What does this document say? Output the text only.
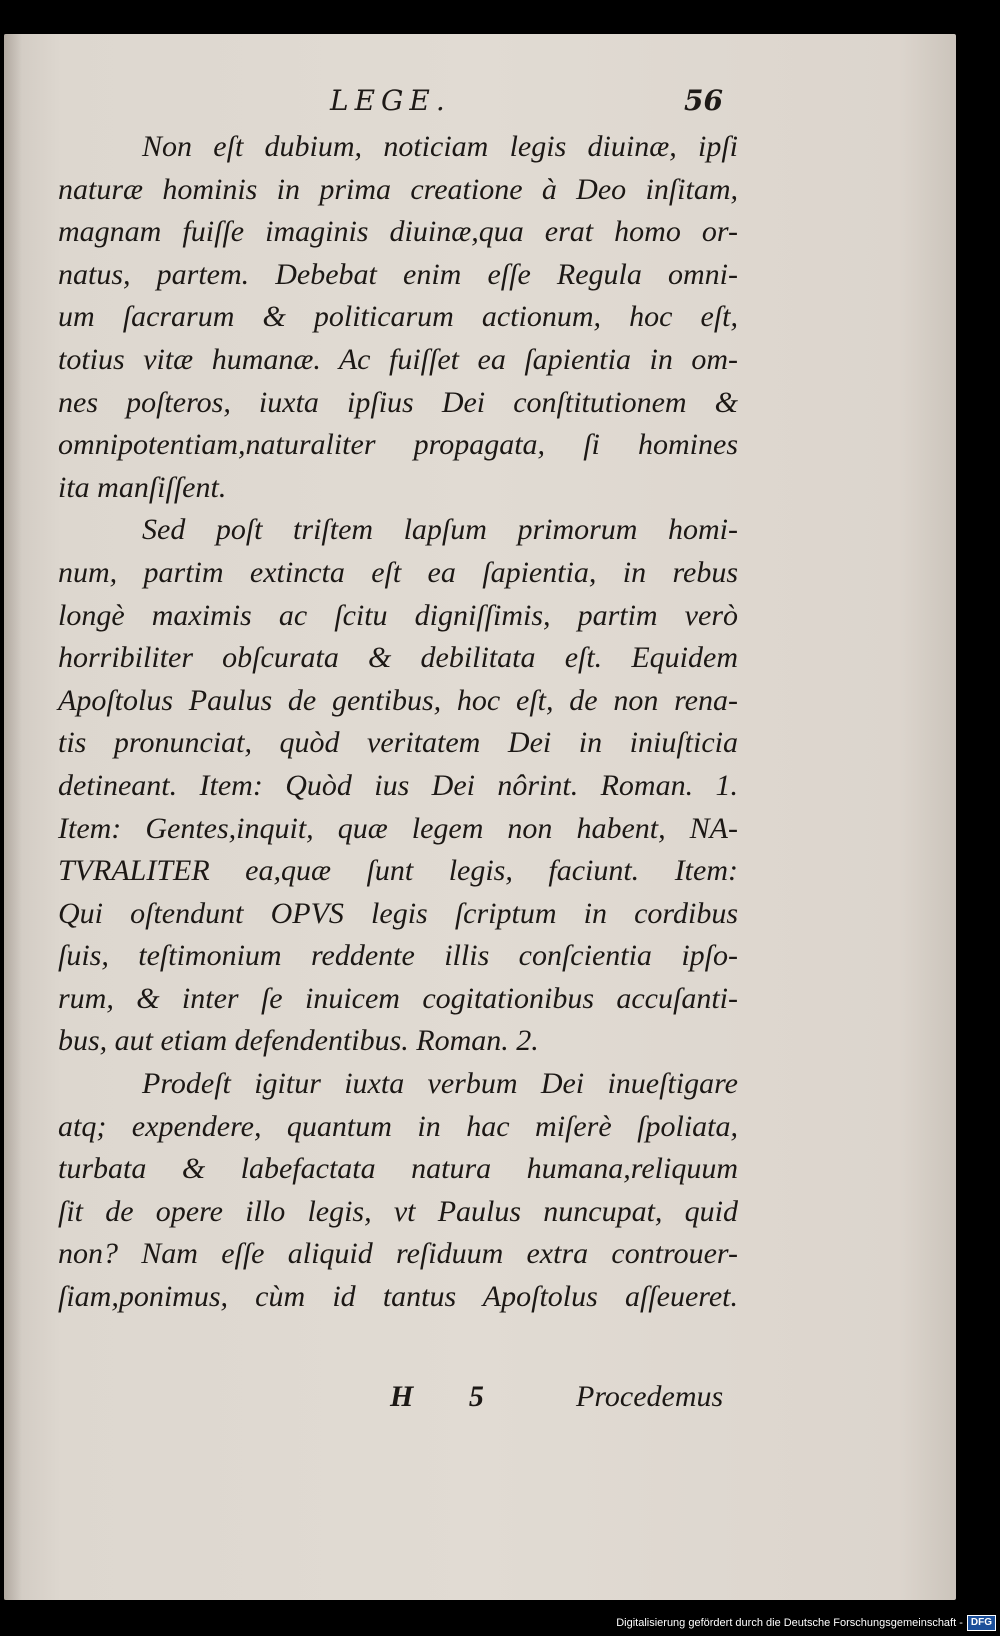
LEGE.	56
Non eſt dubium, noticiam legis diuinæ, ipſi
naturæ hominis in prima creatione à Deo inſitam,
magnam fuiſſe imaginis diuinæ,qua erat homo or-
natus, partem. Debebat enim eſſe Regula omni-
um ſacrarum & politicarum actionum, hoc eſt,
totius vitæ humanæ. Ac fuiſſet ea ſapientia in om-
nes poſteros, iuxta ipſius Dei conſtitutionem &
omnipotentiam,naturaliter propagata, ſi homines
ita manſiſſent.
Sed poſt triſtem lapſum primorum homi-
num, partim extincta eſt ea ſapientia, in rebus
longè maximis ac ſcitu digniſſimis, partim verò
horribiliter obſcurata & debilitata eſt. Equidem
Apoſtolus Paulus de gentibus, hoc eſt, de non rena-
tis pronunciat, quòd veritatem Dei in iniuſticia
detineant. Item: Quòd ius Dei nôrint. Roman. 1.
Item: Gentes,inquit, quæ legem non habent, NA-
TVRALITER ea,quæ ſunt legis, faciunt. Item:
Qui oſtendunt OPVS legis ſcriptum in cordibus
ſuis, teſtimonium reddente illis conſcientia ipſo-
rum, & inter ſe inuicem cogitationibus accuſanti-
bus, aut etiam defendentibus. Roman. 2.
Prodeſt igitur iuxta verbum Dei inueſtigare
atq; expendere, quantum in hac miſerè ſpoliata,
turbata & labefactata natura humana,reliquum
ſit de opere illo legis, vt Paulus nuncupat, quid
non? Nam eſſe aliquid reſiduum extra controuer-
ſiam,ponimus, cùm id tantus Apoſtolus aſſeueret.
H 5 Procedemus
Digitalisierung gefördert durch die Deutsche Forschungsgemeinschaft - DFG
